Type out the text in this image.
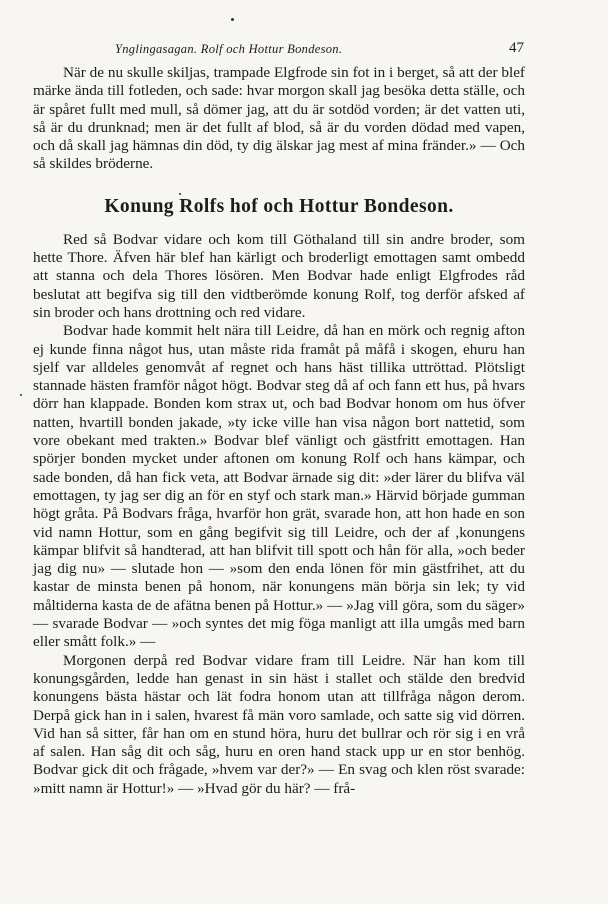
Ynglingasagan. Rolf och Hottur Bondeson.	47

När de nu skulle skiljas, trampade Elgfrode sin fot in i berget, så att der blef märke ända till fotleden, och sade: hvar morgon skall jag besöka detta ställe, och är spåret fullt med mull, så dömer jag, att du är sotdöd vorden; är det vatten uti, så är du drunknad; men är det fullt af blod, så är du vorden dödad med vapen, och då skall jag hämnas din död, ty dig älskar jag mest af mina fränder.» — Och så skildes bröderne.

Konung Rolfs hof och Hottur Bondeson.

Red så Bodvar vidare och kom till Göthaland till sin andre broder, som hette Thore. Äfven här blef han kärligt och broderligt emottagen samt ombedd att stanna och dela Thores lösören. Men Bodvar hade enligt Elgfrodes råd beslutat att begifva sig till den vidtberömde konung Rolf, tog derför afsked af sin broder och hans drottning och red vidare.

Bodvar hade kommit helt nära till Leidre, då han en mörk och regnig afton ej kunde finna något hus, utan måste rida framåt på måfå i skogen, ehuru han sjelf var alldeles genomvåt af regnet och hans häst tillika uttröttad. Plötsligt stannade hästen framför något högt. Bodvar steg då af och fann ett hus, på hvars dörr han klappade. Bonden kom strax ut, och bad Bodvar honom om hus öfver natten, hvartill bonden jakade, »ty icke ville han visa någon bort nattetid, som vore obekant med trakten.» Bodvar blef vänligt och gästfritt emottagen. Han spörjer bonden mycket under aftonen om konung Rolf och hans kämpar, och sade bonden, då han fick veta, att Bodvar ärnade sig dit: »der lärer du blifva väl emottagen, ty jag ser dig an för en styf och stark man.» Härvid började gumman högt gråta. På Bodvars fråga, hvarför hon grät, svarade hon, att hon hade en son vid namn Hottur, som en gång begifvit sig till Leidre, och der af ,konungens kämpar blifvit så handterad, att han blifvit till spott och hån för alla, »och beder jag dig nu» — slutade hon — »som den enda lönen för min gästfrihet, att du kastar de minsta benen på honom, när konungens män börja sin lek; ty vid måltiderna kasta de de afätna benen på Hottur.» — »Jag vill göra, som du säger» — svarade Bodvar — »och syntes det mig föga manligt att illa umgås med barn eller smått folk.» —

Morgonen derpå red Bodvar vidare fram till Leidre. När han kom till konungsgården, ledde han genast in sin häst i stallet och stälde den bredvid konungens bästa hästar och lät fodra honom utan att tillfråga någon derom. Derpå gick han in i salen, hvarest få män voro samlade, och satte sig vid dörren. Vid han så sitter, får han om en stund höra, huru det bullrar och rör sig i en vrå af salen. Han såg dit och såg, huru en oren hand stack upp ur en stor benhög. Bodvar gick dit och frågade, »hvem var der?» — En svag och klen röst svarade: »mitt namn är Hottur!» — »Hvad gör du här? — frå-
